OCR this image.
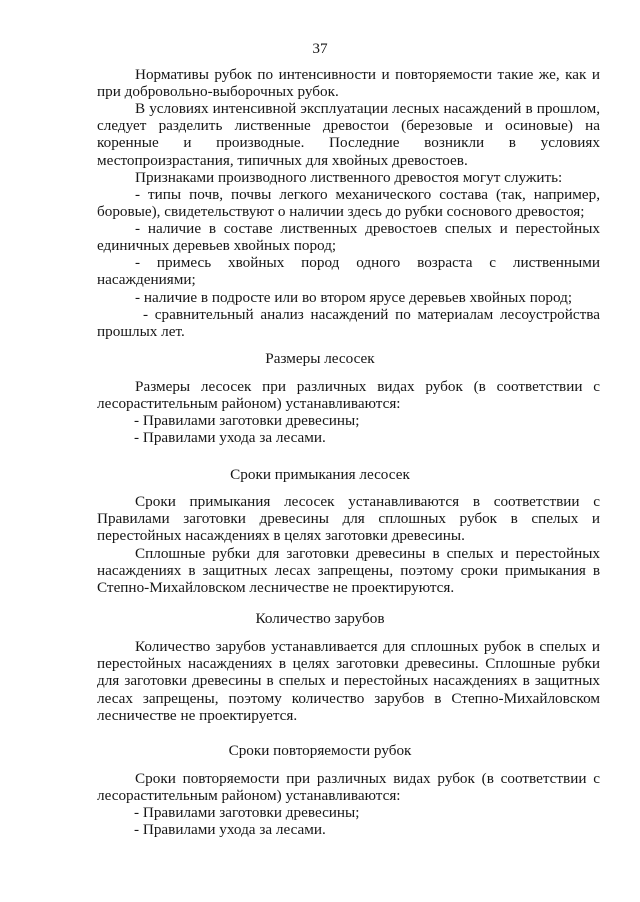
37

Нормативы рубок по интенсивности и повторяемости такие же, как и при добровольно-выборочных рубок.

В условиях интенсивной эксплуатации лесных насаждений в прошлом, следует разделить лиственные древостои (березовые и осиновые) на коренные и производные. Последние возникли в условиях местопроизрастания, типичных для хвойных древостоев.

Признаками производного лиственного древостоя могут служить:

- типы почв, почвы легкого механического состава (так, например, боровые), свидетельствуют о наличии здесь до рубки соснового древостоя;

- наличие в составе лиственных древостоев спелых и перестойных единичных деревьев хвойных пород;

- примесь хвойных пород одного возраста с лиственными насаждениями;

- наличие в подросте или во втором ярусе деревьев хвойных пород;

- сравнительный анализ насаждений по материалам лесоустройства прошлых лет.

Размеры лесосек

Размеры лесосек при различных видах рубок (в соответствии с лесорастительным районом) устанавливаются:

- Правилами заготовки древесины;

- Правилами ухода за лесами.

Сроки примыкания лесосек

Сроки примыкания лесосек устанавливаются в соответствии с Правилами заготовки древесины для сплошных рубок в спелых и перестойных насаждениях в целях заготовки древесины.

Сплошные рубки для заготовки древесины в спелых и перестойных насаждениях в защитных лесах запрещены, поэтому сроки примыкания в Степно-Михайловском лесничестве не проектируются.

Количество зарубов

Количество зарубов устанавливается для сплошных рубок в спелых и перестойных насаждениях в целях заготовки древесины. Сплошные рубки для заготовки древесины в спелых и перестойных насаждениях в защитных лесах запрещены, поэтому количество зарубов в Степно-Михайловском лесничестве не проектируется.

Сроки повторяемости рубок

Сроки повторяемости при различных видах рубок (в соответствии с лесорастительным районом) устанавливаются:

- Правилами заготовки древесины;

- Правилами ухода за лесами.
